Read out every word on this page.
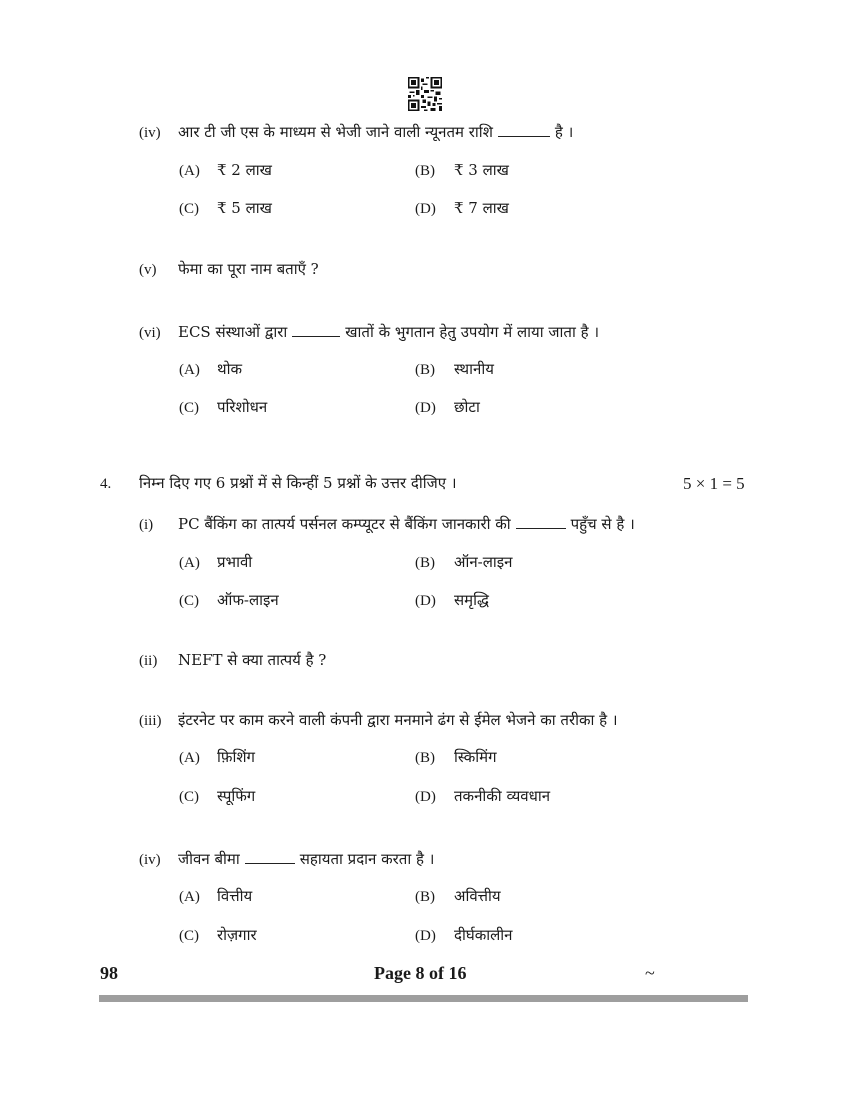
(iv) आर टी जी एस के माध्यम से भेजी जाने वाली न्यूनतम राशि	है ।
(A) ₹ 2 लाख	(B) ₹ 3 लाख
(C) ₹ 5 लाख	(D) ₹ 7 लाख
(v) फेमा का पूरा नाम बताएँ ?
(vi) ECS संस्थाओं द्वारा	खातों के भुगतान हेतु उपयोग में लाया जाता है ।
(A) थोक	(B) स्थानीय
(C) परिशोधन	(D) छोटा
4. निम्न दिए गए 6 प्रश्नों में से किन्हीं 5 प्रश्नों के उत्तर दीजिए ।	5 × 1 = 5
(i) PC बैंकिंग का तात्पर्य पर्सनल कम्प्यूटर से बैंकिंग जानकारी की	पहुँच से है ।
(A) प्रभावी	(B) ऑन-लाइन
(C) ऑफ-लाइन	(D) समृद्धि
(ii) NEFT से क्या तात्पर्य है ?
(iii) इंटरनेट पर काम करने वाली कंपनी द्वारा मनमाने ढंग से ईमेल भेजने का तरीका है ।
(A) फ़िशिंग	(B) स्किमिंग
(C) स्पूफिंग	(D) तकनीकी व्यवधान
(iv) जीवन बीमा	सहायता प्रदान करता है ।
(A) वित्तीय	(B) अवित्तीय
(C) रोज़गार	(D) दीर्घकालीन
98	Page 8 of 16	~
